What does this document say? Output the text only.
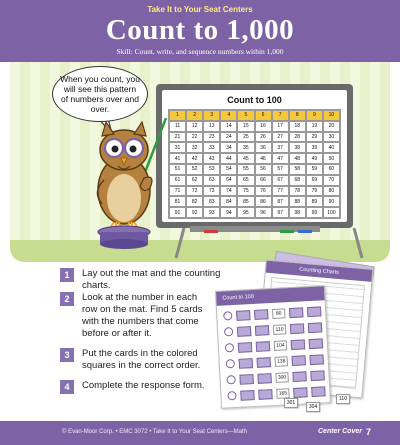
Take It to Your Seat Centers
Count to 1,000
Skill: Count, write, and sequence numbers within 1,000
Count to 100
1	2	3	4	5	6	7	8	9	10
11	12	13	14	15	16	17	18	19	20
21	22	23	24	25	26	27	28	29	30
31	32	33	34	35	36	37	38	39	40
41	42	43	44	45	46	47	48	49	50
51	52	53	54	55	56	57	58	59	60
61	62	63	64	65	66	67	68	69	70
71	72	73	74	75	76	77	78	79	80
81	82	83	84	85	86	87	88	89	90
91	92	93	94	95	96	97	98	99	100
When you count, you will see this pattern of numbers over and over.
1	Lay out the mat and the counting charts.
2	Look at the number in each row on the mat. Find 5 cards with the numbers that come before or after it.
3	Put the cards in the colored squares in the correct order.
4	Complete the response form.
Counting Charts
Count to 100
80
110
104
138
300
165
301
304
110
© Evan-Moor Corp. • EMC 3072 • Take It to Your Seat Centers—Math	Center Cover 7
